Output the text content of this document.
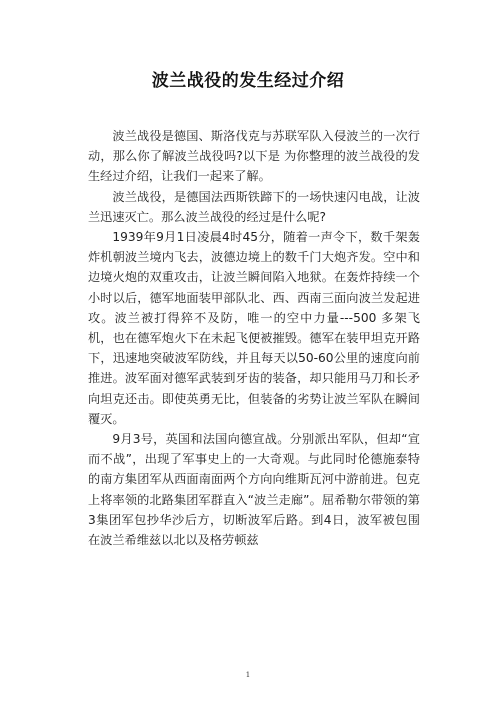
波兰战役的发生经过介绍

波兰战役是德国、斯洛伐克与苏联军队入侵波兰的一次行动，那么你了解波兰战役吗?以下是 为你整理的波兰战役的发生经过介绍，让我们一起来了解。

波兰战役，是德国法西斯铁蹄下的一场快速闪电战，让波兰迅速灭亡。那么波兰战役的经过是什么呢?

1939年9月1日凌晨4时45分，随着一声令下，数千架轰炸机朝波兰境内飞去，波德边境上的数千门大炮齐发。空中和边境火炮的双重攻击，让波兰瞬间陷入地狱。在轰炸持续一个小时以后，德军地面装甲部队北、西、西南三面向波兰发起进攻。波兰被打得猝不及防，唯一的空中力量---500 多架飞机，也在德军炮火下在未起飞便被摧毁。德军在装甲坦克开路下，迅速地突破波军防线，并且每天以50-60公里的速度向前推进。波军面对德军武装到牙齿的装备，却只能用马刀和长矛向坦克还击。即使英勇无比，但装备的劣势让波兰军队在瞬间覆灭。

9月3号，英国和法国向德宣战。分别派出军队，但却“宣而不战”，出现了军事史上的一大奇观。与此同时伦德施泰特的南方集团军从西面南面两个方向向维斯瓦河中游前进。包克上将率领的北路集团军群直入“波兰走廊”。屈希勒尔带领的第3集团军包抄华沙后方，切断波军后路。到4日，波军被包围在波兰希维兹以北以及格劳顿兹

1
